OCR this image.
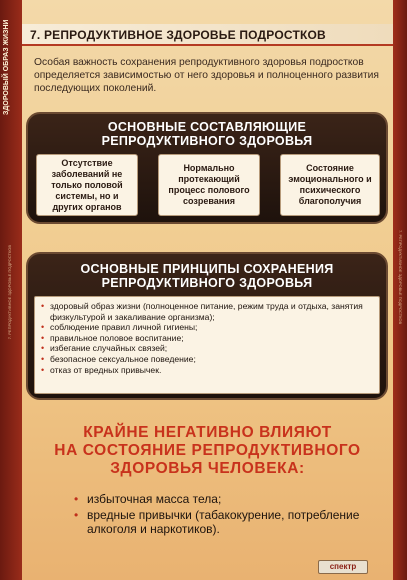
ЗДОРОВЫЙ ОБРАЗ ЖИЗНИ
7. РЕПРОДУКТИВНОЕ ЗДОРОВЬЕ ПОДРОСТКОВ	7. РЕПРОДУКТИВНОЕ ЗДОРОВЬЕ ПОДРОСТКОВ
7. РЕПРОДУКТИВНОЕ ЗДОРОВЬЕ ПОДРОСТКОВ
Особая важность сохранения репродуктивного здоровья подростков определяется зависимостью от него здоровья и полноценного развития последующих поколений.
ОСНОВНЫЕ СОСТАВЛЯЮЩИЕ
РЕПРОДУКТИВНОГО ЗДОРОВЬЯ
Отсутствие заболеваний не только половой системы, но и других органов
Нормально протекающий процесс полового созревания
Состояние эмоционального и психического благополучия
ОСНОВНЫЕ ПРИНЦИПЫ СОХРАНЕНИЯ
РЕПРОДУКТИВНОГО ЗДОРОВЬЯ
• здоровый образ жизни (полноценное питание, режим труда и отдыха, занятия физкультурой и закаливание организма);
• соблюдение правил личной гигиены;
• правильное половое воспитание;
• избегание случайных связей;
• безопасное сексуальное поведение;
• отказ от вредных привычек.
КРАЙНЕ НЕГАТИВНО ВЛИЯЮТ
НА СОСТОЯНИЕ РЕПРОДУКТИВНОГО
ЗДОРОВЬЯ ЧЕЛОВЕКА:
• избыточная масса тела;
• вредные привычки (табакокурение, потребление алкоголя и наркотиков).
спектр
